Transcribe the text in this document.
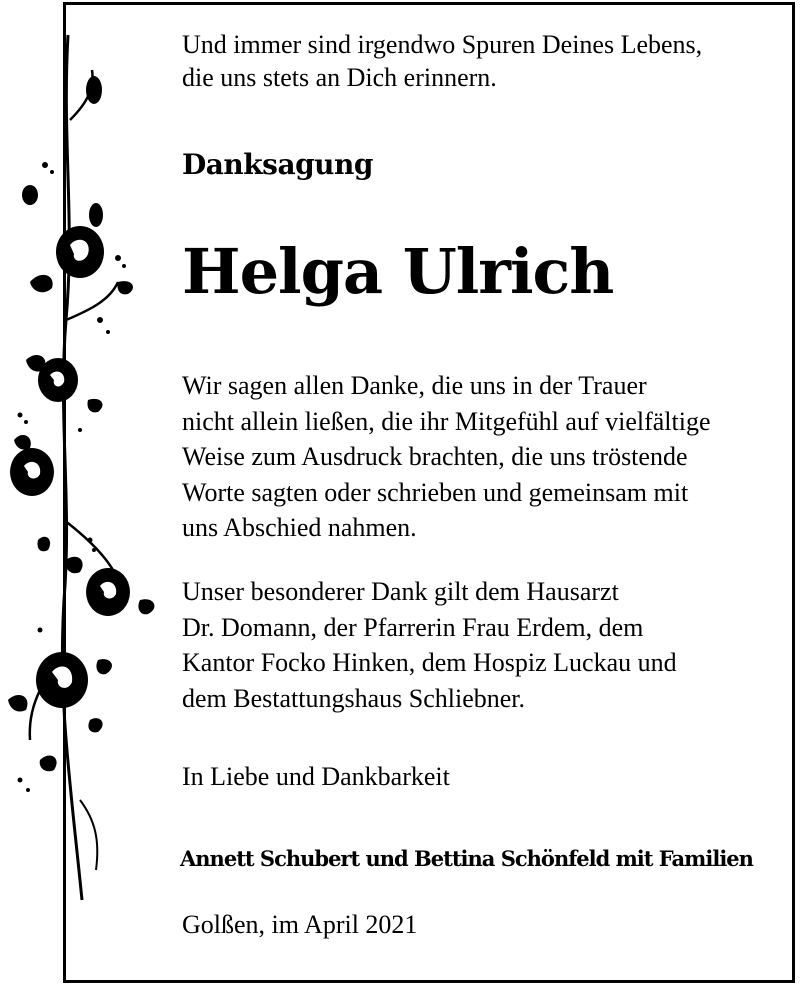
Und immer sind irgendwo Spuren Deines Lebens,
die uns stets an Dich erinnern.
Danksagung
Helga Ulrich
Wir sagen allen Danke, die uns in der Trauer
nicht allein ließen, die ihr Mitgefühl auf vielfältige
Weise zum Ausdruck brachten, die uns tröstende
Worte sagten oder schrieben und gemeinsam mit
uns Abschied nahmen.
Unser besonderer Dank gilt dem Hausarzt
Dr. Domann, der Pfarrerin Frau Erdem, dem
Kantor Focko Hinken, dem Hospiz Luckau und
dem Bestattungshaus Schliebner.
In Liebe und Dankbarkeit
Annett Schubert und Bettina Schönfeld mit Familien
Golßen, im April 2021
